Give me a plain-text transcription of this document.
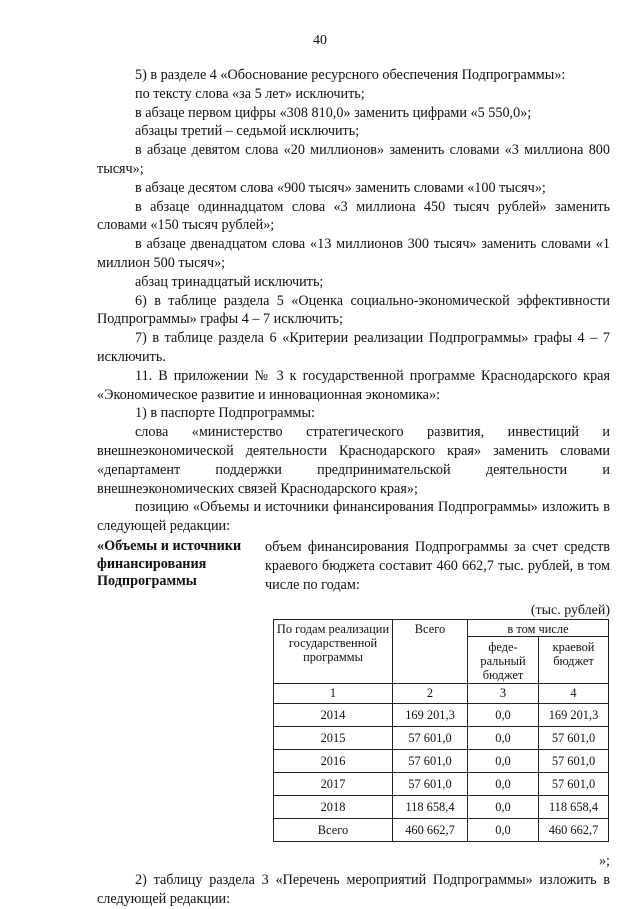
40

5) в разделе 4 «Обоснование ресурсного обеспечения Подпрограммы»:

по тексту слова «за 5 лет» исключить;

в абзаце первом цифры «308 810,0» заменить цифрами «5 550,0»;

абзацы третий – седьмой исключить;

в абзаце девятом слова «20 миллионов» заменить словами «3 миллиона 800 тысяч»;

в абзаце десятом слова «900 тысяч» заменить словами «100 тысяч»;

в абзаце одиннадцатом слова «3 миллиона 450 тысяч рублей» заменить словами «150 тысяч рублей»;

в абзаце двенадцатом слова «13 миллионов 300 тысяч» заменить словами «1 миллион 500 тысяч»;

абзац тринадцатый исключить;

6) в таблице раздела 5 «Оценка социально-экономической эффективности Подпрограммы» графы 4 – 7 исключить;

7) в таблице раздела 6 «Критерии реализации Подпрограммы» графы 4 – 7 исключить.

11. В приложении № 3 к государственной программе Краснодарского края «Экономическое развитие и инновационная экономика»:

1) в паспорте Подпрограммы:

слова «министерство стратегического развития, инвестиций и внешнеэкономической деятельности Краснодарского края» заменить словами «департамент поддержки предпринимательской деятельности и внешнеэкономических связей Краснодарского края»;

позицию «Объемы и источники финансирования Подпрограммы» изложить в следующей редакции:

«Объемы и источники финансирования Подпрограммы
объем финансирования Подпрограммы за счет средств краевого бюджета составит 460 662,7 тыс. рублей, в том числе по годам:
(тыс. рублей)
По годам реализации государственной программы	Всего	в том числе	
		феде-ральный бюджет	краевой бюджет
1	2	3	4
2014	169 201,3	0,0	169 201,3
2015	57 601,0	0,0	57 601,0
2016	57 601,0	0,0	57 601,0
2017	57 601,0	0,0	57 601,0
2018	118 658,4	0,0	118 658,4
Всего	460 662,7	0,0	460 662,7
»;

2) таблицу раздела 3 «Перечень мероприятий Подпрограммы» изложить в следующей редакции:
